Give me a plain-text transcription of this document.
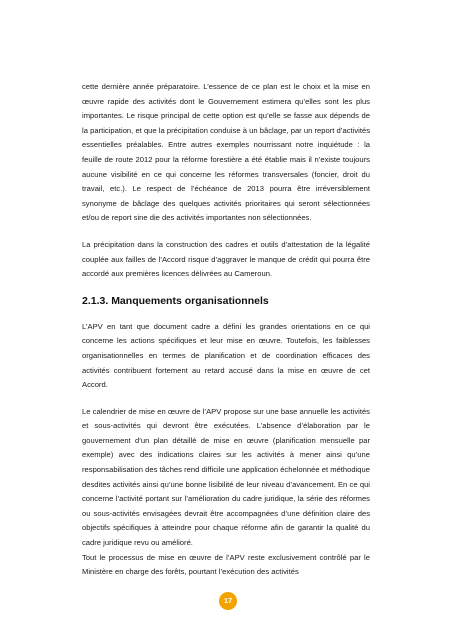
cette dernière année préparatoire. L’essence de ce plan est le choix et la mise en œuvre rapide des activités dont le Gouvernement estimera qu’elles sont les plus importantes. Le risque principal de cette option est qu’elle se fasse aux dépends de la participation, et que la précipitation conduise à un bâclage, par un report d’activités essentielles préalables. Entre autres exemples nourrissant notre inquiétude : la feuille de route 2012 pour la réforme forestière a été établie mais il n’existe toujours aucune visibilité en ce qui concerne les réformes transversales (foncier, droit du travail, etc.). Le respect de l’échéance de 2013 pourra être irréversiblement synonyme de bâclage des quelques activités prioritaires qui seront sélectionnées et/ou de report sine die des activités importantes non sélectionnées.

La précipitation dans la construction des cadres et outils d’attestation de la légalité couplée aux failles de l’Accord risque d’aggraver le manque de crédit qui pourra être accordé aux premières licences délivrées au Cameroun.

2.1.3. Manquements organisationnels

L’APV en tant que document cadre a défini les grandes orientations en ce qui concerne les actions spécifiques et leur mise en œuvre. Toutefois, les faiblesses organisationnelles en termes de planification et de coordination efficaces des activités contribuent fortement au retard accusé dans la mise en œuvre de cet Accord.

Le calendrier de mise en œuvre de l’APV propose sur une base annuelle les activités et sous-activités qui devront être exécutées. L’absence d’élaboration par le gouvernement d’un plan détaillé de mise en œuvre (planification mensuelle par exemple) avec des indications claires sur les activités à mener ainsi qu’une responsabilisation des tâches rend difficile une application échelonnée et méthodique desdites activités ainsi qu’une bonne lisibilité de leur niveau d’avancement. En ce qui concerne l’activité portant sur l’amélioration du cadre juridique, la série des réformes ou sous-activités envisagées devrait être accompagnées d’une définition claire des objectifs spécifiques à atteindre pour chaque réforme afin de garantir la qualité du cadre juridique revu ou amélioré.

Tout le processus de mise en œuvre de l’APV reste exclusivement contrôlé par le Ministère en charge des forêts, pourtant l’exécution des activités

17
